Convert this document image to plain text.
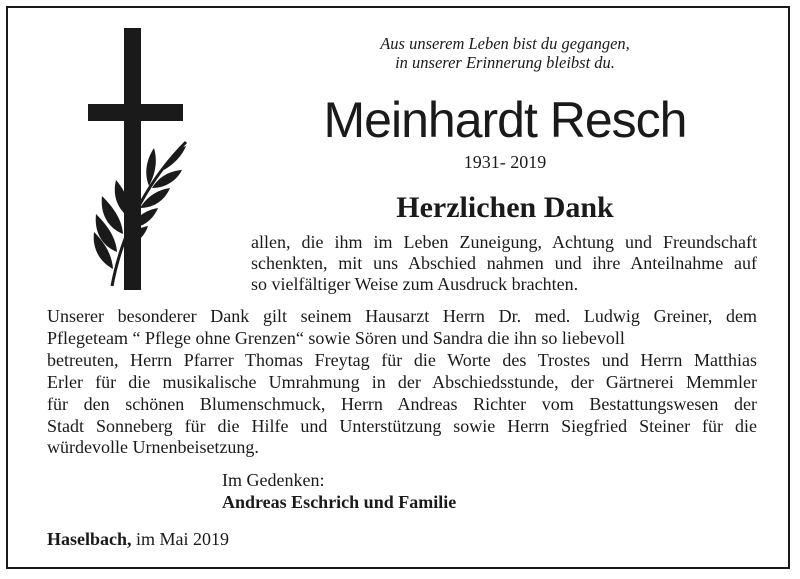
Aus unserem Leben bist du gegangen,
in unserer Erinnerung bleibst du.
Meinhardt Resch
1931- 2019
Herzlichen Dank
allen, die ihm im Leben Zuneigung, Achtung und Freundschaft
schenkten, mit uns Abschied nahmen und ihre Anteilnahme auf
so vielfältiger Weise zum Ausdruck brachten.
Unserer besonderer Dank gilt seinem Hausarzt Herrn Dr. med. Ludwig Greiner, dem
Pflegeteam “ Pflege ohne Grenzen“ sowie Sören und Sandra die ihn so liebevoll
betreuten, Herrn Pfarrer Thomas Freytag für die Worte des Trostes und Herrn Matthias
Erler für die musikalische Umrahmung in der Abschiedsstunde, der Gärtnerei Memmler
für den schönen Blumenschmuck, Herrn Andreas Richter vom Bestattungswesen der
Stadt Sonneberg für die Hilfe und Unterstützung sowie Herrn Siegfried Steiner für die
würdevolle Urnenbeisetzung.
Im Gedenken:
Andreas Eschrich und Familie
Haselbach, im Mai 2019
